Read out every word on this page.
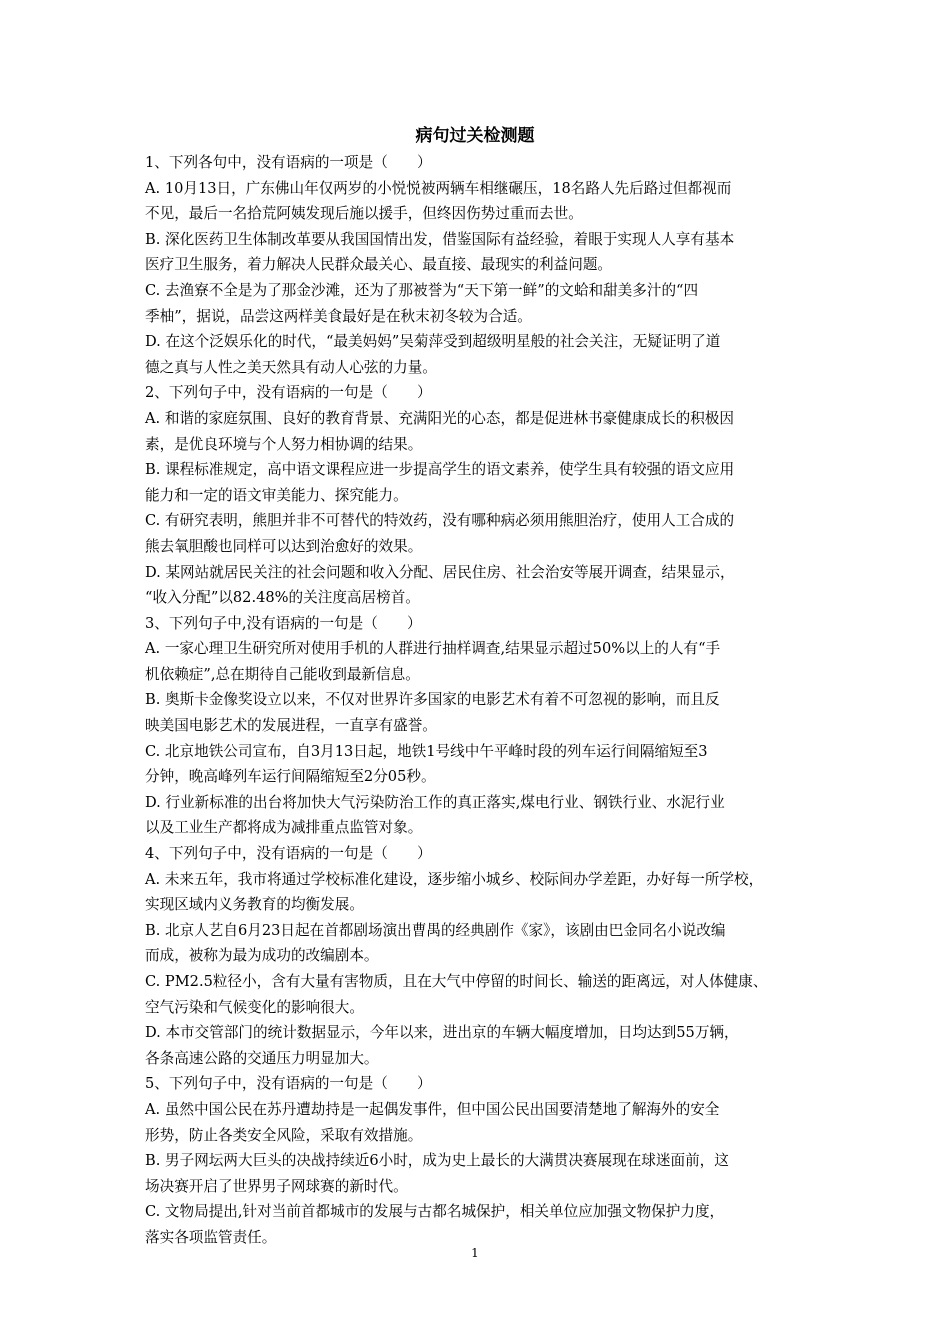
病句过关检测题
1、下列各句中，没有语病的一项是（　　）
A. 10月13日，广东佛山年仅两岁的小悦悦被两辆车相继碾压，18名路人先后路过但都视而
不见，最后一名拾荒阿姨发现后施以援手，但终因伤势过重而去世。
B. 深化医药卫生体制改革要从我国国情出发，借鉴国际有益经验，着眼于实现人人享有基本
医疗卫生服务，着力解决人民群众最关心、最直接、最现实的利益问题。
C. 去渔寮不全是为了那金沙滩，还为了那被誉为“天下第一鲜”的文蛤和甜美多汁的“四
季柚”，据说，品尝这两样美食最好是在秋末初冬较为合适。
D. 在这个泛娱乐化的时代，“最美妈妈”吴菊萍受到超级明星般的社会关注，无疑证明了道
德之真与人性之美天然具有动人心弦的力量。
2、下列句子中，没有语病的一句是（　　）
A. 和谐的家庭氛围、良好的教育背景、充满阳光的心态，都是促进林书豪健康成长的积极因
素，是优良环境与个人努力相协调的结果。
B. 课程标准规定，高中语文课程应进一步提高学生的语文素养，使学生具有较强的语文应用
能力和一定的语文审美能力、探究能力。
C. 有研究表明，熊胆并非不可替代的特效药，没有哪种病必须用熊胆治疗，使用人工合成的
熊去氧胆酸也同样可以达到治愈好的效果。
D. 某网站就居民关注的社会问题和收入分配、居民住房、社会治安等展开调查，结果显示，
“收入分配”以82.48%的关注度高居榜首。
3、下列句子中,没有语病的一句是（　　）
A. 一家心理卫生研究所对使用手机的人群进行抽样调查,结果显示超过50%以上的人有“手
机依赖症”,总在期待自己能收到最新信息。
B. 奥斯卡金像奖设立以来，不仅对世界许多国家的电影艺术有着不可忽视的影响，而且反
映美国电影艺术的发展进程，一直享有盛誉。
C. 北京地铁公司宣布，自3月13日起，地铁1号线中午平峰时段的列车运行间隔缩短至3
分钟，晚高峰列车运行间隔缩短至2分05秒。
D. 行业新标准的出台将加快大气污染防治工作的真正落实,煤电行业、钢铁行业、水泥行业
以及工业生产都将成为减排重点监管对象。
4、下列句子中，没有语病的一句是（　　）
A. 未来五年，我市将通过学校标准化建设，逐步缩小城乡、校际间办学差距，办好每一所学校，
实现区域内义务教育的均衡发展。
B. 北京人艺自6月23日起在首都剧场演出曹禺的经典剧作《家》，该剧由巴金同名小说改编
而成，被称为最为成功的改编剧本。
C. PM2.5粒径小，含有大量有害物质，且在大气中停留的时间长、输送的距离远，对人体健康、
空气污染和气候变化的影响很大。
D. 本市交管部门的统计数据显示，今年以来，进出京的车辆大幅度增加，日均达到55万辆，
各条高速公路的交通压力明显加大。
5、下列句子中，没有语病的一句是（　　）
A. 虽然中国公民在苏丹遭劫持是一起偶发事件，但中国公民出国要清楚地了解海外的安全
形势，防止各类安全风险，采取有效措施。
B. 男子网坛两大巨头的决战持续近6小时，成为史上最长的大满贯决赛展现在球迷面前，这
场决赛开启了世界男子网球赛的新时代。
C. 文物局提出,针对当前首都城市的发展与古都名城保护，相关单位应加强文物保护力度，
落实各项监管责任。
1
